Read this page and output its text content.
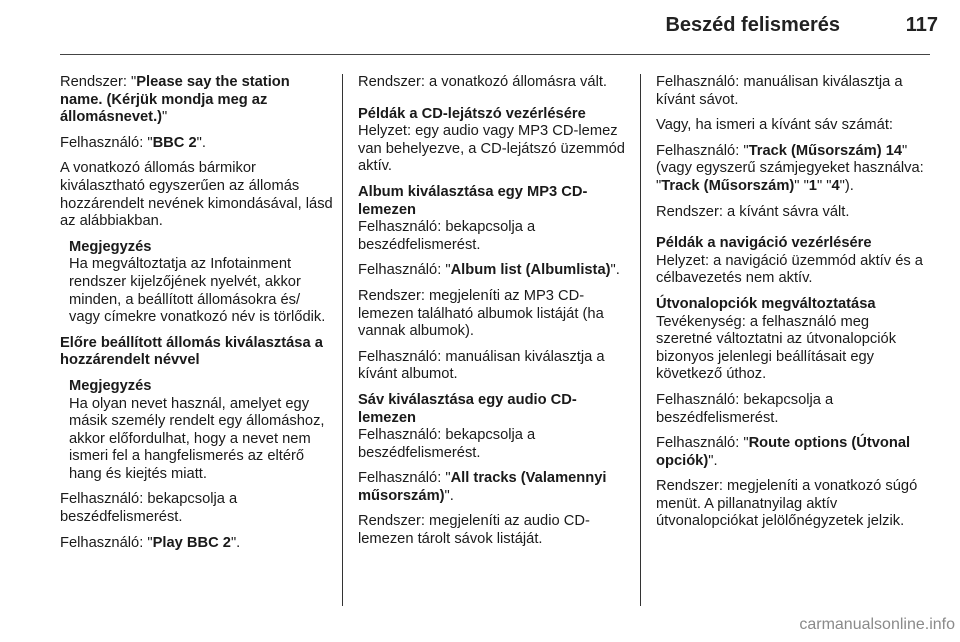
Beszéd felismerés	117

Rendszer: "Please say the station name. (Kérjük mondja meg az állomásnevet.)"

Felhasználó: "BBC 2".

A vonatkozó állomás bármikor kiválasztható egyszerűen az állomás hozzárendelt nevének kimondásával, lásd az alábbiakban.

Megjegyzés

Ha megváltoztatja az Infotainment rendszer kijelzőjének nyelvét, akkor minden, a beállított állomásokra és/ vagy címekre vonatkozó név is törlődik.

Előre beállított állomás kiválasztása a hozzárendelt névvel

Megjegyzés

Ha olyan nevet használ, amelyet egy másik személy rendelt egy állomáshoz, akkor előfordulhat, hogy a nevet nem ismeri fel a hangfelismerés az eltérő hang és kiejtés miatt.

Felhasználó: bekapcsolja a beszédfelismerést.

Felhasználó: "Play BBC 2".

Rendszer: a vonatkozó állomásra vált.

Példák a CD-lejátszó vezérlésére

Helyzet: egy audio vagy MP3 CD-lemez van behelyezve, a CD-lejátszó üzemmód aktív.

Album kiválasztása egy MP3 CD-lemezen

Felhasználó: bekapcsolja a beszédfelismerést.

Felhasználó: "Album list (Albumlista)".

Rendszer: megjeleníti az MP3 CD-lemezen található albumok listáját (ha vannak albumok).

Felhasználó: manuálisan kiválasztja a kívánt albumot.

Sáv kiválasztása egy audio CD-lemezen

Felhasználó: bekapcsolja a beszédfelismerést.

Felhasználó: "All tracks (Valamennyi műsorszám)".

Rendszer: megjeleníti az audio CD-lemezen tárolt sávok listáját.

Felhasználó: manuálisan kiválasztja a kívánt sávot.

Vagy, ha ismeri a kívánt sáv számát:

Felhasználó: "Track (Műsorszám) 14" (vagy egyszerű számjegyeket használva: "Track (Műsorszám)" "1" "4").

Rendszer: a kívánt sávra vált.

Példák a navigáció vezérlésére

Helyzet: a navigáció üzemmód aktív és a célbavezetés nem aktív.

Útvonalopciók megváltoztatása

Tevékenység: a felhasználó meg szeretné változtatni az útvonalopciók bizonyos jelenlegi beállításait egy következő úthoz.

Felhasználó: bekapcsolja a beszédfelismerést.

Felhasználó: "Route options (Útvonal opciók)".

Rendszer: megjeleníti a vonatkozó súgó menüt. A pillanatnyilag aktív útvonalopciókat jelölőnégyzetek jelzik.

carmanualsonline.info
